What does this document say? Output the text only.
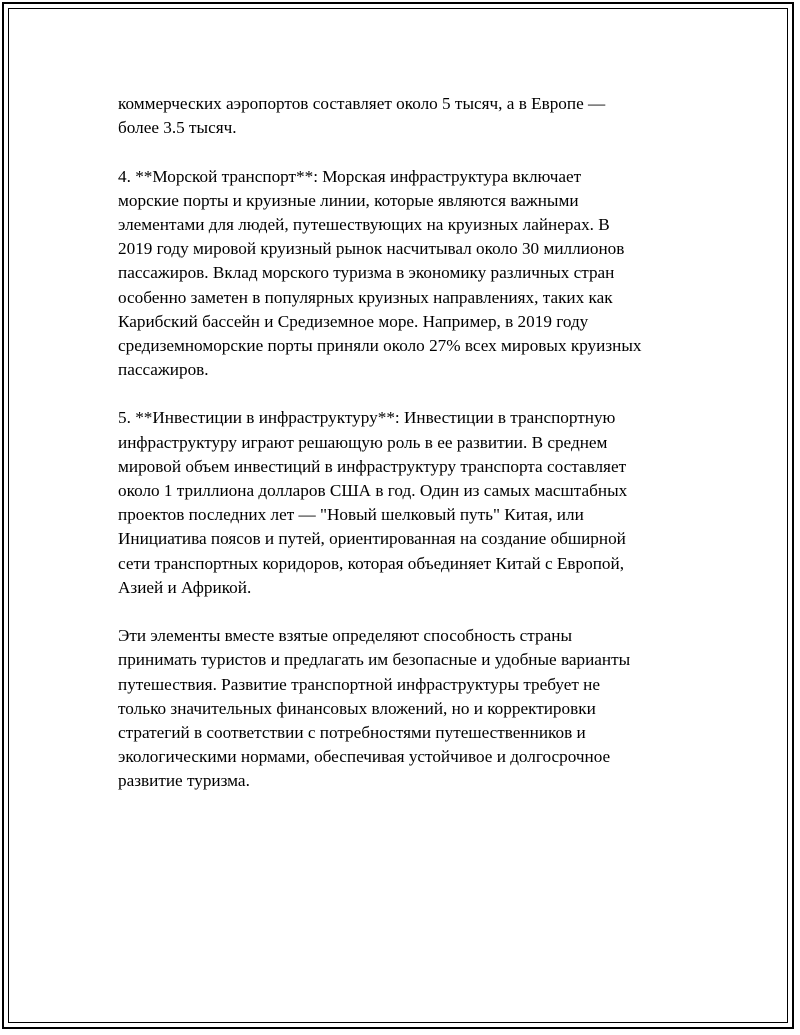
коммерческих аэропортов составляет около 5 тысяч, а в Европе —
более 3.5 тысяч.
4. **Морской транспорт**: Морская инфраструктура включает
морские порты и круизные линии, которые являются важными
элементами для людей, путешествующих на круизных лайнерах. В
2019 году мировой круизный рынок насчитывал около 30 миллионов
пассажиров. Вклад морского туризма в экономику различных стран
особенно заметен в популярных круизных направлениях, таких как
Карибский бассейн и Средиземное море. Например, в 2019 году
средиземноморские порты приняли около 27% всех мировых круизных
пассажиров.
5. **Инвестиции в инфраструктуру**: Инвестиции в транспортную
инфраструктуру играют решающую роль в ее развитии. В среднем
мировой объем инвестиций в инфраструктуру транспорта составляет
около 1 триллиона долларов США в год. Один из самых масштабных
проектов последних лет — "Новый шелковый путь" Китая, или
Инициатива поясов и путей, ориентированная на создание обширной
сети транспортных коридоров, которая объединяет Китай с Европой,
Азией и Африкой.
Эти элементы вместе взятые определяют способность страны
принимать туристов и предлагать им безопасные и удобные варианты
путешествия. Развитие транспортной инфраструктуры требует не
только значительных финансовых вложений, но и корректировки
стратегий в соответствии с потребностями путешественников и
экологическими нормами, обеспечивая устойчивое и долгосрочное
развитие туризма.
